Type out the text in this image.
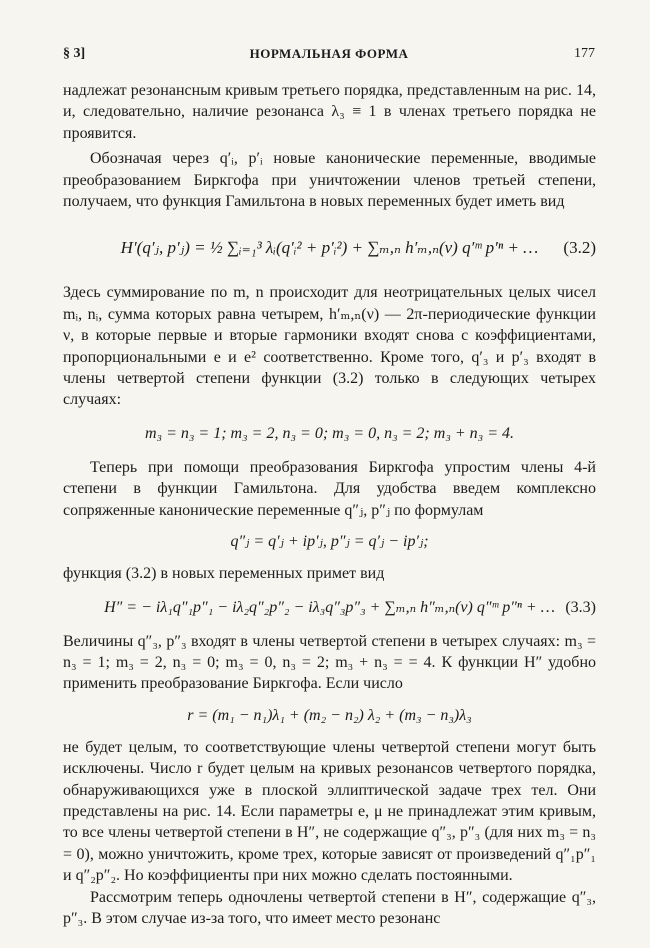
§ 3]	НОРМАЛЬНАЯ ФОРМА	177

надлежат резонансным кривым третьего порядка, представленным на рис. 14, и, следовательно, наличие резонанса λ₃ ≡ 1 в членах третьего порядка не проявится.

Обозначая через q′ᵢ, p′ᵢ новые канонические переменные, вводимые преобразованием Биркгофа при уничтожении членов третьей степени, получаем, что функция Гамильтона в новых переменных будет иметь вид

H′(q′ⱼ, p′ⱼ) = ½ ∑ᵢ₌₁³ λᵢ(q′ᵢ² + p′ᵢ²) + ∑ₘ,ₙ h′ₘ,ₙ(ν) q′ᵐ p′ⁿ + … (3.2)

Здесь суммирование по m, n происходит для неотрицательных целых чисел mᵢ, nᵢ, сумма которых равна четырем, h′ₘ,ₙ(ν) — 2π-периодические функции ν, в которые первые и вторые гармоники входят снова с коэффициентами, пропорциональными e и e² соответственно. Кроме того, q′₃ и p′₃ входят в члены четвертой степени функции (3.2) только в следующих четырех случаях:

m₃ = n₃ = 1; m₃ = 2, n₃ = 0; m₃ = 0, n₃ = 2; m₃ + n₃ = 4.

Теперь при помощи преобразования Биркгофа упростим члены 4-й степени в функции Гамильтона. Для удобства введем комплексно сопряженные канонические переменные q″ⱼ, p″ⱼ по формулам

q″ⱼ = q′ⱼ + ip′ⱼ, p″ⱼ = q′ⱼ − ip′ⱼ;

функция (3.2) в новых переменных примет вид

H″ = − iλ₁q″₁p″₁ − iλ₂q″₂p″₂ − iλ₃q″₃p″₃ + ∑ₘ,ₙ h″ₘ,ₙ(ν) q″ᵐ p″ⁿ + … (3.3)

Величины q″₃, p″₃ входят в члены четвертой степени в четырех случаях: m₃ = n₃ = 1; m₃ = 2, n₃ = 0; m₃ = 0, n₃ = 2; m₃ + n₃ = = 4. К функции H″ удобно применить преобразование Биркгофа. Если число

r = (m₁ − n₁)λ₁ + (m₂ − n₂) λ₂ + (m₃ − n₃)λ₃

не будет целым, то соответствующие члены четвертой степени могут быть исключены. Число r будет целым на кривых резонансов четвертого порядка, обнаруживающихся уже в плоской эллиптической задаче трех тел. Они представлены на рис. 14. Если параметры e, μ не принадлежат этим кривым, то все члены четвертой степени в H″, не содержащие q″₃, p″₃ (для них m₃ = n₃ = 0), можно уничтожить, кроме трех, которые зависят от произведений q″₁p″₁ и q″₂p″₂. Но коэффициенты при них можно сделать постоянными.

Рассмотрим теперь одночлены четвертой степени в H″, содержащие q″₃, p″₃. В этом случае из-за того, что имеет место резонанс
